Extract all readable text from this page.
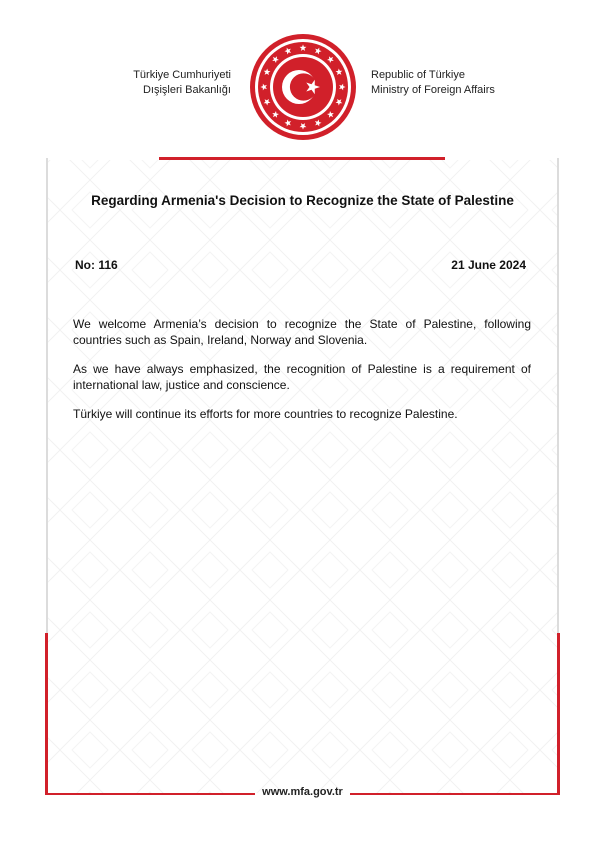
Türkiye Cumhuriyeti
Dışişleri Bakanlığı
Republic of Türkiye
Ministry of Foreign Affairs
Regarding Armenia's Decision to Recognize the State of Palestine
No: 116	21 June 2024

We welcome Armenia’s decision to recognize the State of Palestine, following countries such as Spain, Ireland, Norway and Slovenia.

As we have always emphasized, the recognition of Palestine is a requirement of international law, justice and conscience.

Türkiye will continue its efforts for more countries to recognize Palestine.

www.mfa.gov.tr
